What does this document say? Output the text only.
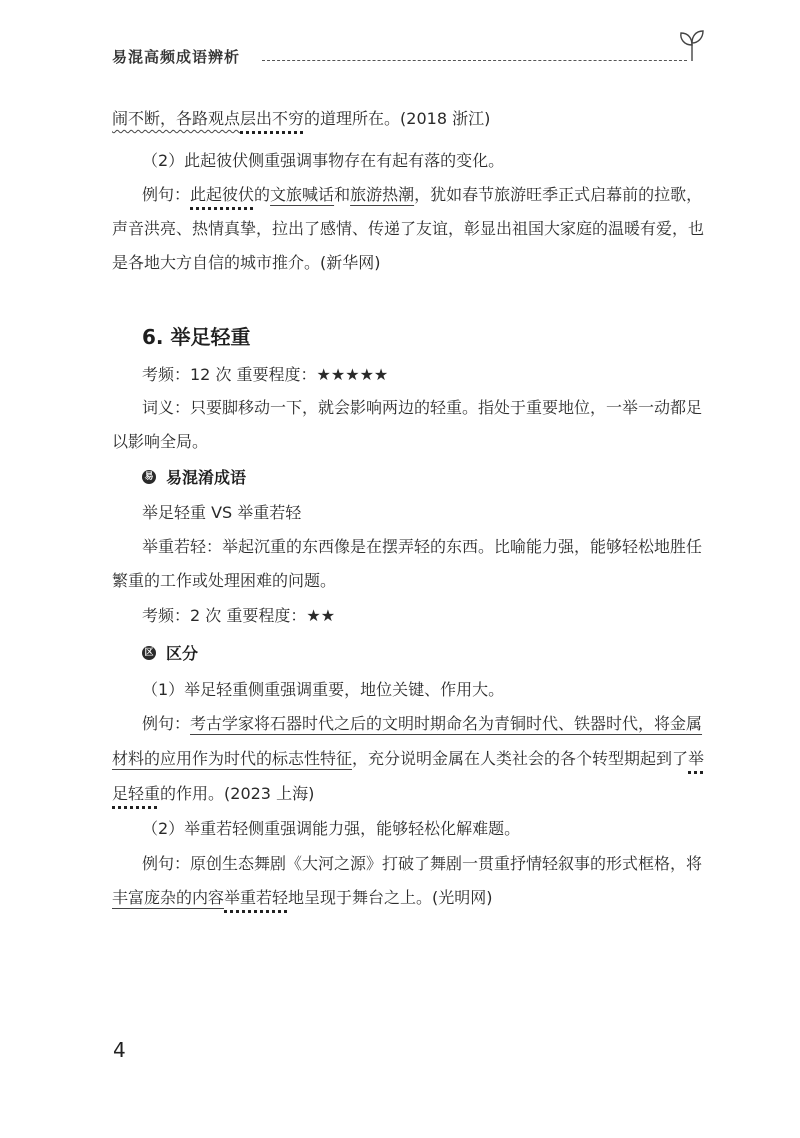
易混高频成语辨析
闹不断，各路观点层出不穷的道理所在。(2018 浙江)
（2）此起彼伏侧重强调事物存在有起有落的变化。
例句：此起彼伏的文旅喊话和旅游热潮，犹如春节旅游旺季正式启幕前的拉歌，
声音洪亮、热情真挚，拉出了感情、传递了友谊，彰显出祖国大家庭的温暖有爱，也
是各地大方自信的城市推介。(新华网)
6. 举足轻重
考频：12 次 重要程度：★★★★★
词义：只要脚移动一下，就会影响两边的轻重。指处于重要地位，一举一动都足
以影响全局。
易 易混淆成语
举足轻重 VS 举重若轻
举重若轻：举起沉重的东西像是在摆弄轻的东西。比喻能力强，能够轻松地胜任
繁重的工作或处理困难的问题。
考频：2 次 重要程度：★★
区 区分
（1）举足轻重侧重强调重要，地位关键、作用大。
例句：考古学家将石器时代之后的文明时期命名为青铜时代、铁器时代，将金属
材料的应用作为时代的标志性特征，充分说明金属在人类社会的各个转型期起到了举
足轻重的作用。(2023 上海)
（2）举重若轻侧重强调能力强，能够轻松化解难题。
例句：原创生态舞剧《大河之源》打破了舞剧一贯重抒情轻叙事的形式框格，将
丰富庞杂的内容举重若轻地呈现于舞台之上。(光明网)
4
